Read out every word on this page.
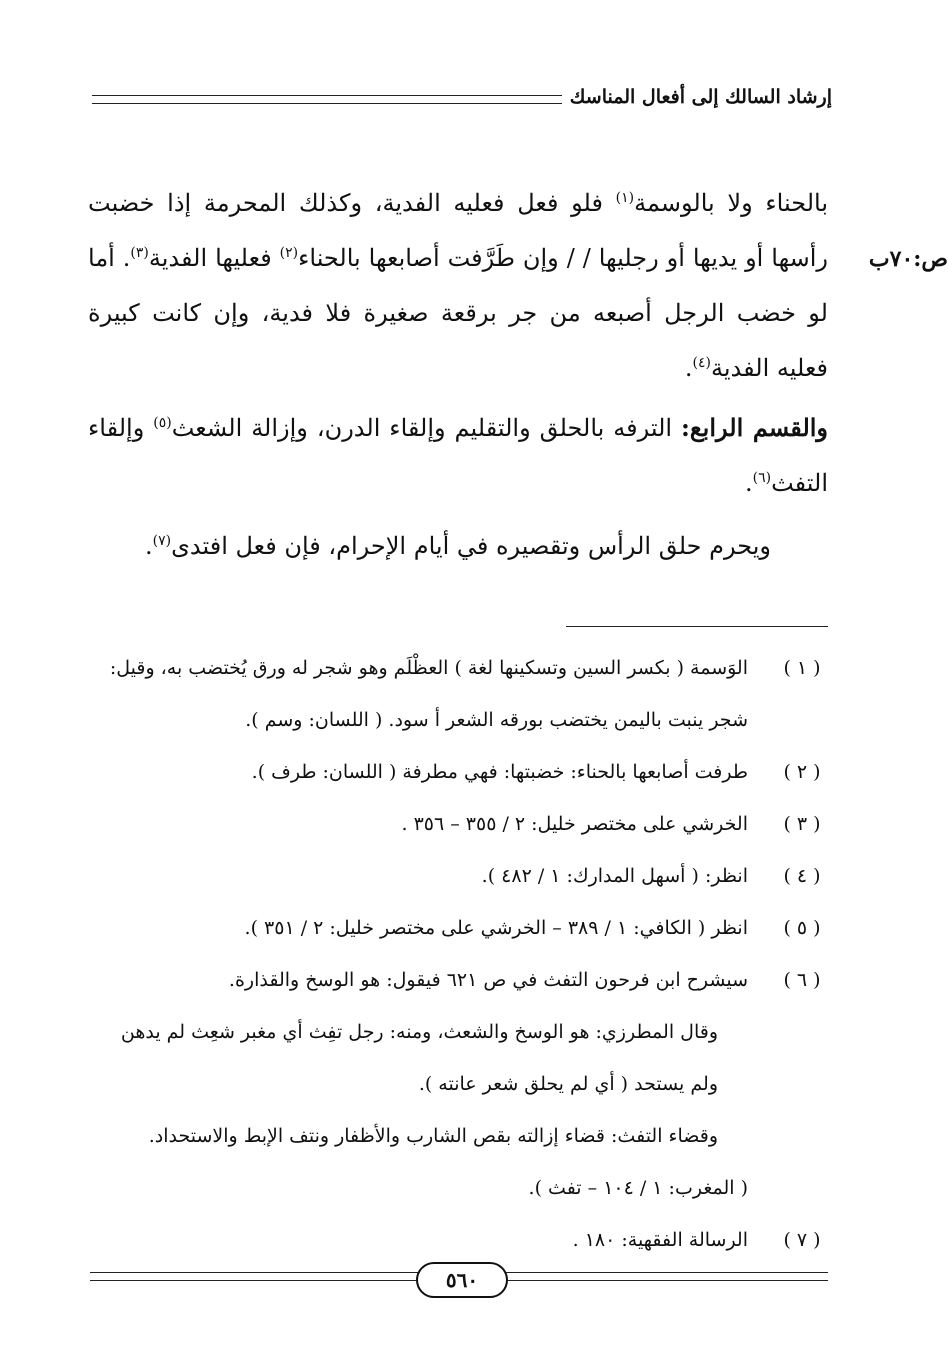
إرشاد السالك إلى أفعال المناسك
ص:٧٠ب

بالحناء ولا بالوسمة$^{(١)}$ فلو فعل فعليه الفدية، وكذلك المحرمة إذا خضبت رأسها أو يديها أو رجليها / / وإن طَرَّفت أصابعها بالحناء$^{(٢)}$ فعليها الفدية$^{(٣)}$. أما لو خضب الرجل أصبعه من جر برقعة صغيرة فلا فدية، وإن كانت كبيرة فعليه الفدية$^{(٤)}$.

والقسم الرابع: الترفه بالحلق والتقليم وإلقاء الدرن، وإزالة الشعث$^{(٥)}$ وإلقاء التفث$^{(٦)}$.

ويحرم حلق الرأس وتقصيره في أيام الإحرام، فإن فعل افتدى$^{(٧)}$.

( ١ )
الوَسمة ( بكسر السين وتسكينها لغة ) العظْلَم وهو شجر له ورق يُختضب به، وقيل:
شجر ينبت باليمن يختضب بورقه الشعر أ سود. ( اللسان: وسم ).
( ٢ )
طرفت أصابعها بالحناء: خضبتها: فهي مطرفة ( اللسان: طرف ).
( ٣ )
الخرشي على مختصر خليل: ٢ / ٣٥٥ – ٣٥٦ .
( ٤ )
انظر: ( أسهل المدارك: ١ / ٤٨٢ ).
( ٥ )
انظر ( الكافي: ١ / ٣٨٩ – الخرشي على مختصر خليل: ٢ / ٣٥١ ).
( ٦ )
سيشرح ابن فرحون التفث في ص ٦٢١ فيقول: هو الوسخ والقذارة.
وقال المطرزي: هو الوسخ والشعث، ومنه: رجل تفِث أي مغبر شعِث لم يدهن
ولم يستحد ( أي لم يحلق شعر عانته ).
وقضاء التفث: قضاء إزالته بقص الشارب والأظفار ونتف الإبط والاستحداد.
( المغرب: ١ / ١٠٤ – تفث ).
( ٧ )
الرسالة الفقهية: ١٨٠ .
٥٦٠
